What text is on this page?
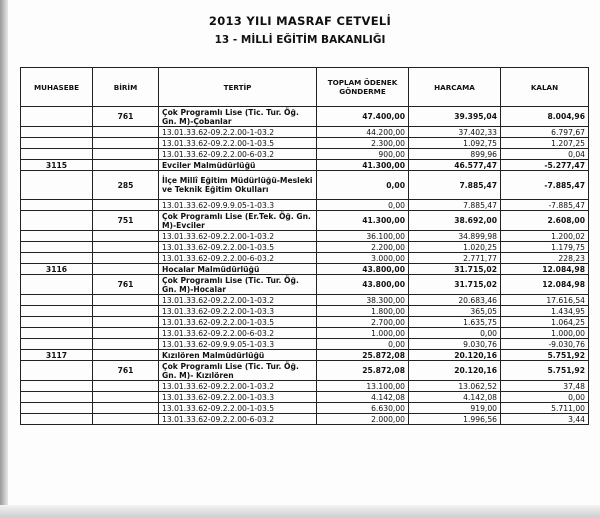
2013 YILI MASRAF CETVELİ
13 - MİLLİ EĞİTİM BAKANLIĞI
MUHASEBE	BİRİM	TERTİP	TOPLAM ÖDENEK GÖNDERME	HARCAMA	KALAN
	761	Çok Programlı Lise (Tic. Tur. Öğ. Gn. M)-Çobanlar	47.400,00	39.395,04	8.004,96
		13.01.33.62-09.2.2.00-1-03.2	44.200,00	37.402,33	6.797,67
		13.01.33.62-09.2.2.00-1-03.5	2.300,00	1.092,75	1.207,25
		13.01.33.62-09.2.2.00-6-03.2	900,00	899,96	0,04
3115		Evciler Malmüdürlüğü	41.300,00	46.577,47	-5.277,47
	285	İlçe Millî Eğitim Müdürlüğü-Mesleki ve Teknik Eğitim Okulları	0,00	7.885,47	-7.885,47
		13.01.33.62-09.9.9.05-1-03.3	0,00	7.885,47	-7.885,47
	751	Çok Programlı Lise (Er.Tek. Öğ. Gn. M)-Evciler	41.300,00	38.692,00	2.608,00
		13.01.33.62-09.2.2.00-1-03.2	36.100,00	34.899,98	1.200,02
		13.01.33.62-09.2.2.00-1-03.5	2.200,00	1.020,25	1.179,75
		13.01.33.62-09.2.2.00-6-03.2	3.000,00	2.771,77	228,23
3116		Hocalar Malmüdürlüğü	43.800,00	31.715,02	12.084,98
	761	Çok Programlı Lise (Tic. Tur. Öğ. Gn. M)-Hocalar	43.800,00	31.715,02	12.084,98
		13.01.33.62-09.2.2.00-1-03.2	38.300,00	20.683,46	17.616,54
		13.01.33.62-09.2.2.00-1-03.3	1.800,00	365,05	1.434,95
		13.01.33.62-09.2.2.00-1-03.5	2.700,00	1.635,75	1.064,25
		13.01.33.62-09.2.2.00-6-03.2	1.000,00	0,00	1.000,00
		13.01.33.62-09.9.9.05-1-03.3	0,00	9.030,76	-9.030,76
3117		Kızılören Malmüdürlüğü	25.872,08	20.120,16	5.751,92
	761	Çok Programlı Lise (Tic. Tur. Öğ. Gn. M)- Kızılören	25.872,08	20.120,16	5.751,92
		13.01.33.62-09.2.2.00-1-03.2	13.100,00	13.062,52	37,48
		13.01.33.62-09.2.2.00-1-03.3	4.142,08	4.142,08	0,00
		13.01.33.62-09.2.2.00-1-03.5	6.630,00	919,00	5.711,00
		13.01.33.62-09.2.2.00-6-03.2	2.000,00	1.996,56	3,44
